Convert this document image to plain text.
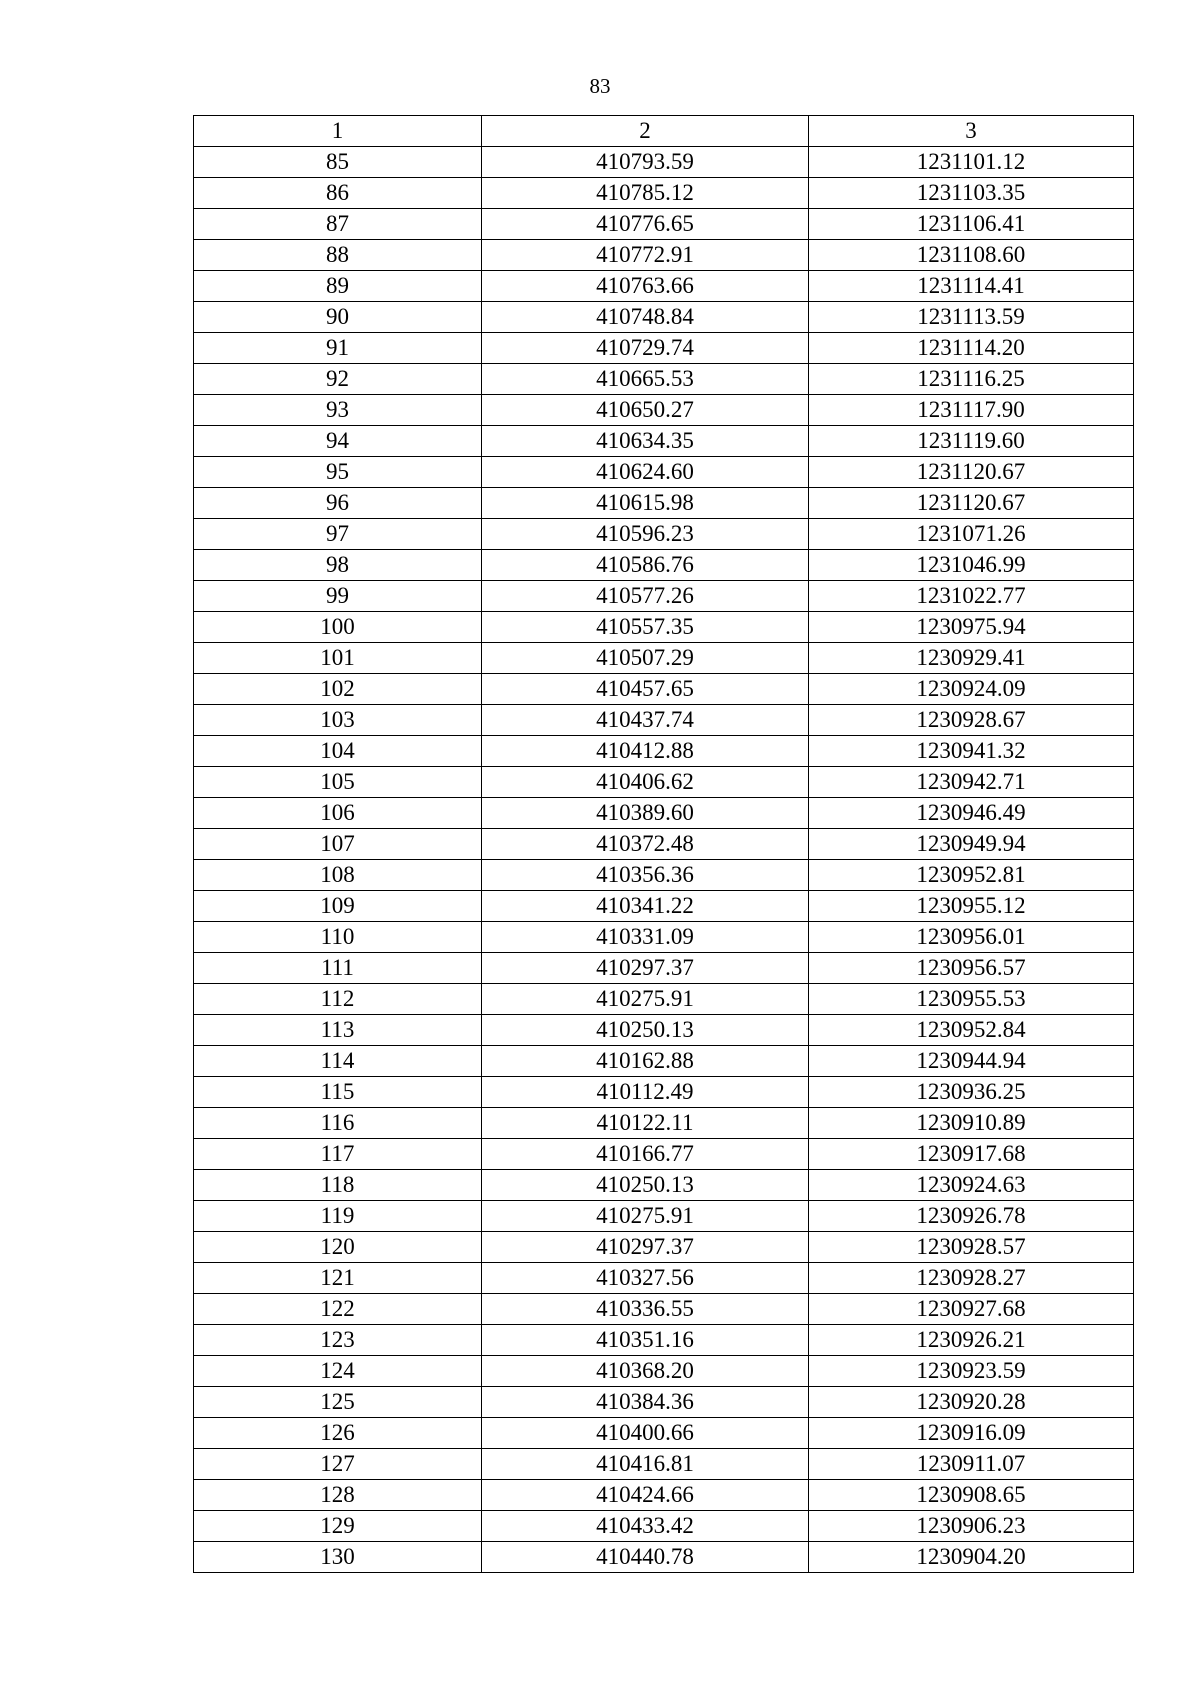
83
1	2	3
85	410793.59	1231101.12
86	410785.12	1231103.35
87	410776.65	1231106.41
88	410772.91	1231108.60
89	410763.66	1231114.41
90	410748.84	1231113.59
91	410729.74	1231114.20
92	410665.53	1231116.25
93	410650.27	1231117.90
94	410634.35	1231119.60
95	410624.60	1231120.67
96	410615.98	1231120.67
97	410596.23	1231071.26
98	410586.76	1231046.99
99	410577.26	1231022.77
100	410557.35	1230975.94
101	410507.29	1230929.41
102	410457.65	1230924.09
103	410437.74	1230928.67
104	410412.88	1230941.32
105	410406.62	1230942.71
106	410389.60	1230946.49
107	410372.48	1230949.94
108	410356.36	1230952.81
109	410341.22	1230955.12
110	410331.09	1230956.01
111	410297.37	1230956.57
112	410275.91	1230955.53
113	410250.13	1230952.84
114	410162.88	1230944.94
115	410112.49	1230936.25
116	410122.11	1230910.89
117	410166.77	1230917.68
118	410250.13	1230924.63
119	410275.91	1230926.78
120	410297.37	1230928.57
121	410327.56	1230928.27
122	410336.55	1230927.68
123	410351.16	1230926.21
124	410368.20	1230923.59
125	410384.36	1230920.28
126	410400.66	1230916.09
127	410416.81	1230911.07
128	410424.66	1230908.65
129	410433.42	1230906.23
130	410440.78	1230904.20
